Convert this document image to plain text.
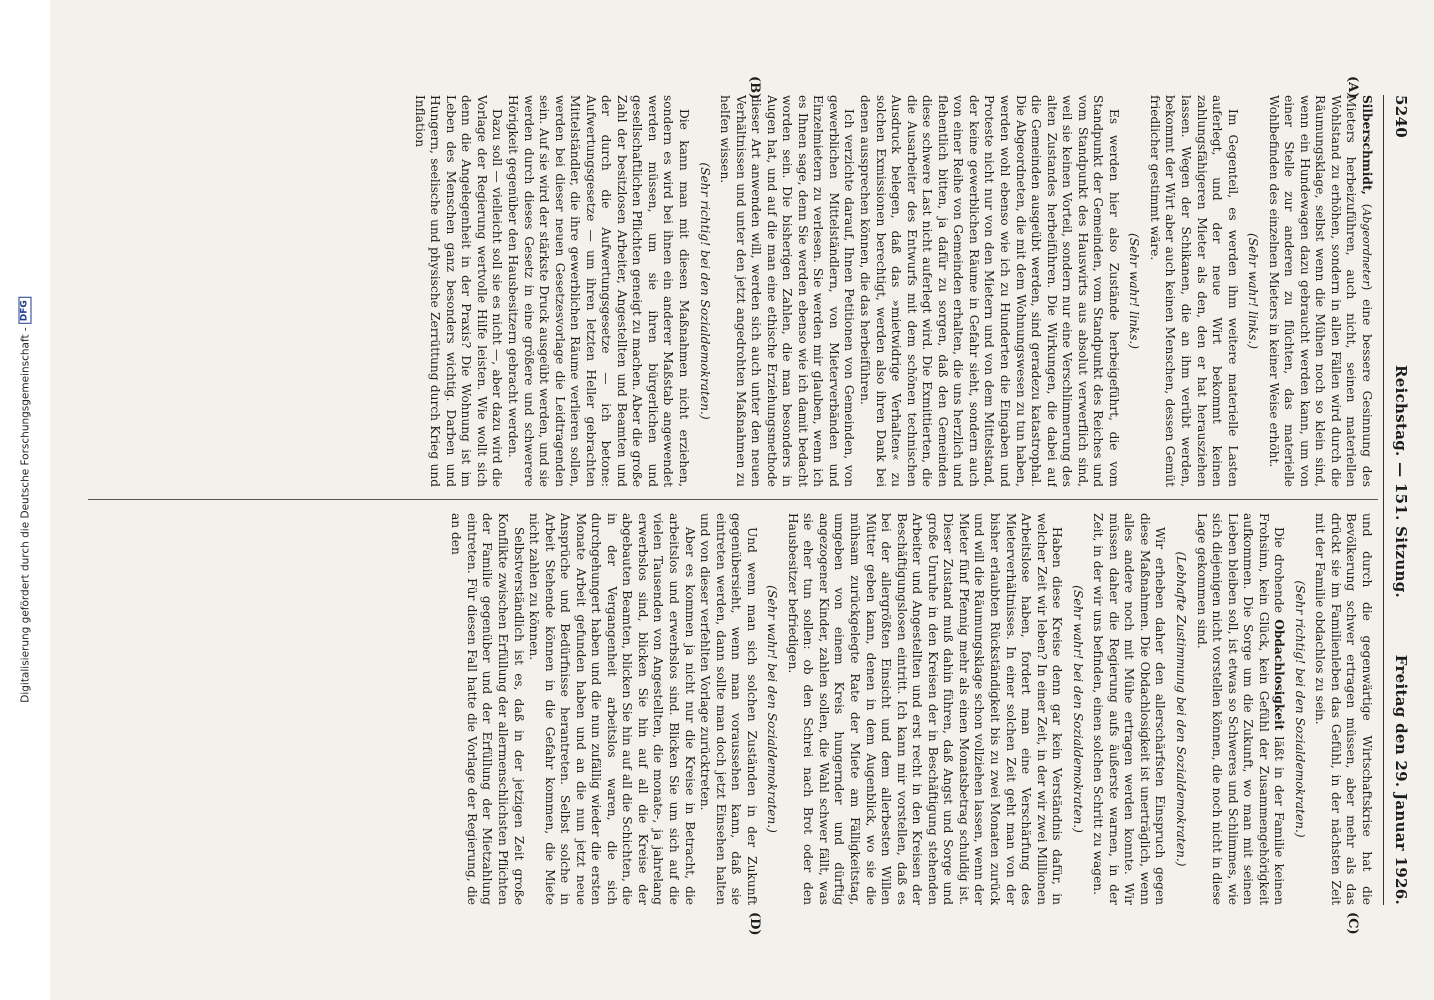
Digitalisierung gefördert durch die Deutsche Forschungsgemeinschaft -
DFG
5240
Reichstag. — 151. Sitzung.
Freitag den 29. Januar 1926.
(A)
(B)
(C)
(D)

Silberschmidt, (Abgeordneter) eine bessere Gesinnung des Mieters herbeizuführen, auch nicht, seinen materiellen Wohlstand zu erhöhen, sondern in allen Fällen wird durch die Räumungsklage, selbst wenn die Mühen noch so klein sind, wenn ein Hundewagen dazu gebraucht werden kann, um von einer Stelle zur anderen zu flüchten, das materielle Wohlbefinden des einzelnen Mieters in keiner Weise erhöht.

(Sehr wahr! links.)

Im Gegenteil, es werden ihm weitere materielle Lasten auferlegt, und der neue Wirt bekommt keinen zahlungsfähigeren Mieter als den, den er hat herausziehen lassen. Wegen der Schikanen, die an ihm verübt werden, bekommt der Wirt aber auch keinen Menschen, dessen Gemüt friedlicher gestimmt wäre.

(Sehr wahr! links.)

Es werden hier also Zustände herbeigeführt, die vom Standpunkt der Gemeinden, vom Standpunkt des Reiches und vom Standpunkt des Hauswirts aus absolut verwerflich sind, weil sie keinen Vorteil, sondern nur eine Verschlimmerung des alten Zustandes herbeiführen. Die Wirkungen, die dabei auf die Gemeinden ausgeübt werden, sind geradezu katastrophal. Die Abgeordneten, die mit dem Wohnungswesen zu tun haben, werden wohl ebenso wie ich zu Hunderten die Eingaben und Proteste nicht nur von den Mietern und von dem Mittelstand, der keine gewerblichen Räume in Gefahr sieht, sondern auch von einer Reihe von Gemeinden erhalten, die uns herzlich und flehentlich bitten, ja dafür zu sorgen, daß den Gemeinden diese schwere Last nicht auferlegt wird. Die Exmittierten, die die Ausarbeiter des Entwurfs mit dem schönen technischen Ausdruck belegen, daß das »mietwidrige Verhalten« zu solchen Exmissionen berechtigt, werden also ihren Dank bei denen aussprechen können, die das herbeiführen.

Ich verzichte darauf, Ihnen Petitionen von Gemeinden, von gewerblichen Mittelständlern, von Mieterverbänden und Einzelmietern zu verlesen. Sie werden mir glauben, wenn ich es Ihnen sage, denn Sie werden ebenso wie ich damit bedacht worden sein. Die bisherigen Zahlen, die man besonders in Augen hat, und auf die man eine ethische Erziehungsmethode dieser Art anwenden will, werden sich auch unter den neuen Verhältnissen und unter den jetzt angedrohten Maßnahmen zu helfen wissen.

(Sehr richtig! bei den Sozialdemokraten.)

Die kann man mit diesen Maßnahmen nicht erziehen, sondern es wird bei ihnen ein anderer Maßstab angewendet werden müssen, um sie ihren bürgerlichen und gesellschaftlichen Pflichten geneigt zu machen. Aber die große Zahl der besitzlosen Arbeiter, Angestellten und Beamten und der durch die Aufwertungsgesetze — ich betone: Aufwertungsgesetze — um ihren letzten Heller gebrachten Mittelständler, die ihre gewerblichen Räume verlieren sollen, werden bei dieser neuen Gesetzesvorlage die Leidtragenden sein. Auf sie wird der stärkste Druck ausgeübt werden, und sie werden durch dieses Gesetz in eine größere und schwerere Hörigkeit gegenüber den Hausbesitzern gebracht werden.

Dazu soll — vielleicht soll sie es nicht —, aber dazu wird die Vorlage der Regierung wertvolle Hilfe leisten. Wie wollt sich denn die Angelegenheit in der Praxis? Die Wohnung ist im Leben des Menschen ganz besonders wichtig. Darben und Hungern, seelische und physische Zerrüttung durch Krieg und Inflation

und durch die gegenwärtige Wirtschaftskrise hat die Bevölkerung schwer ertragen müssen, aber mehr als das drückt sie im Familienleben das Gefühl, in der nächsten Zeit mit der Familie obdachlos zu sein.

(Sehr richtig! bei den Sozialdemokraten.)

Die drohende Obdachlosigkeit läßt in der Familie keinen Frohsinn, kein Glück, kein Gefühl der Zusammengehörigkeit aufkommen. Die Sorge um die Zukunft, wo man mit seinen Lieben bleiben soll, ist etwas so Schweres und Schlimmes, wie sich diejenigen nicht vorstellen können, die noch nicht in diese Lage gekommen sind.

(Lebhafte Zustimmung bei den Sozialdemokraten.)

Wir erheben daher den allerschärfsten Einspruch gegen diese Maßnahmen. Die Obdachlosigkeit ist unerträglich, wenn alles andere noch mit Mühe ertragen werden konnte. Wir müssen daher die Regierung aufs äußerste warnen, in der Zeit, in der wir uns befinden, einen solchen Schritt zu wagen.

(Sehr wahr! bei den Sozialdemokraten.)

Haben diese Kreise denn gar kein Verständnis dafür, in welcher Zeit wir leben? In einer Zeit, in der wir zwei Millionen Arbeitslose haben, fordert man eine Verschärfung des Mieterverhältnisses. In einer solchen Zeit geht man von der bisher erlaubten Rückständigkeit bis zu zwei Monaten zurück und will die Räumungsklage schon vollziehen lassen, wenn der Mieter fünf Pfennig mehr als einen Monatsbetrag schuldig ist. Dieser Zustand muß dahin führen, daß Angst und Sorge und große Unruhe in den Kreisen der in Beschäftigung stehenden Arbeiter und Angestellten und erst recht in den Kreisen der Beschäftigungslosen eintritt. Ich kann mir vorstellen, daß es bei der allergrößten Einsicht und dem allerbesten Willen Mütter geben kann, denen in dem Augenblick, wo sie die mühsam zurückgelegte Rate der Miete am Fälligkeitstag, umgeben von einem Kreis hungernder und dürftig angezogener Kinder, zahlen sollen, die Wahl schwer fällt, was sie eher tun sollen: ob den Schrei nach Brot oder den Hausbesitzer befriedigen.

(Sehr wahr! bei den Sozialdemokraten.)

Und wenn man sich solchen Zuständen in der Zukunft gegenübersieht, wenn man voraussehen kann, daß sie eintreten werden, dann sollte man doch jetzt Einsehen halten und von dieser verfehlten Vorlage zurücktreten.

Aber es kommen ja nicht nur die Kreise in Betracht, die arbeitslos und erwerbslos sind. Blicken Sie um sich auf die vielen Tausenden von Angestellten, die monate-, ja jahrelang erwerbslos sind, blicken Sie hin auf all die Kreise der abgebauten Beamten, blicken Sie hin auf all die Schichten, die in der Vergangenheit arbeitslos waren, die sich durchgehungert haben und die nun zufällig wieder die ersten Monate Arbeit gefunden haben und an die nun jetzt neue Ansprüche und Bedürfnisse herantreten. Selbst solche in Arbeit Stehende können in die Gefahr kommen, die Miete nicht zahlen zu können.

Selbstverständlich ist es, daß in der jetzigen Zeit große Konflikte zwischen Erfüllung der allermenschlichsten Pflichten der Familie gegenüber und der Erfüllung der Mietzahlung eintreten. Für diesen Fall hatte die Vorlage der Regierung, die an den
